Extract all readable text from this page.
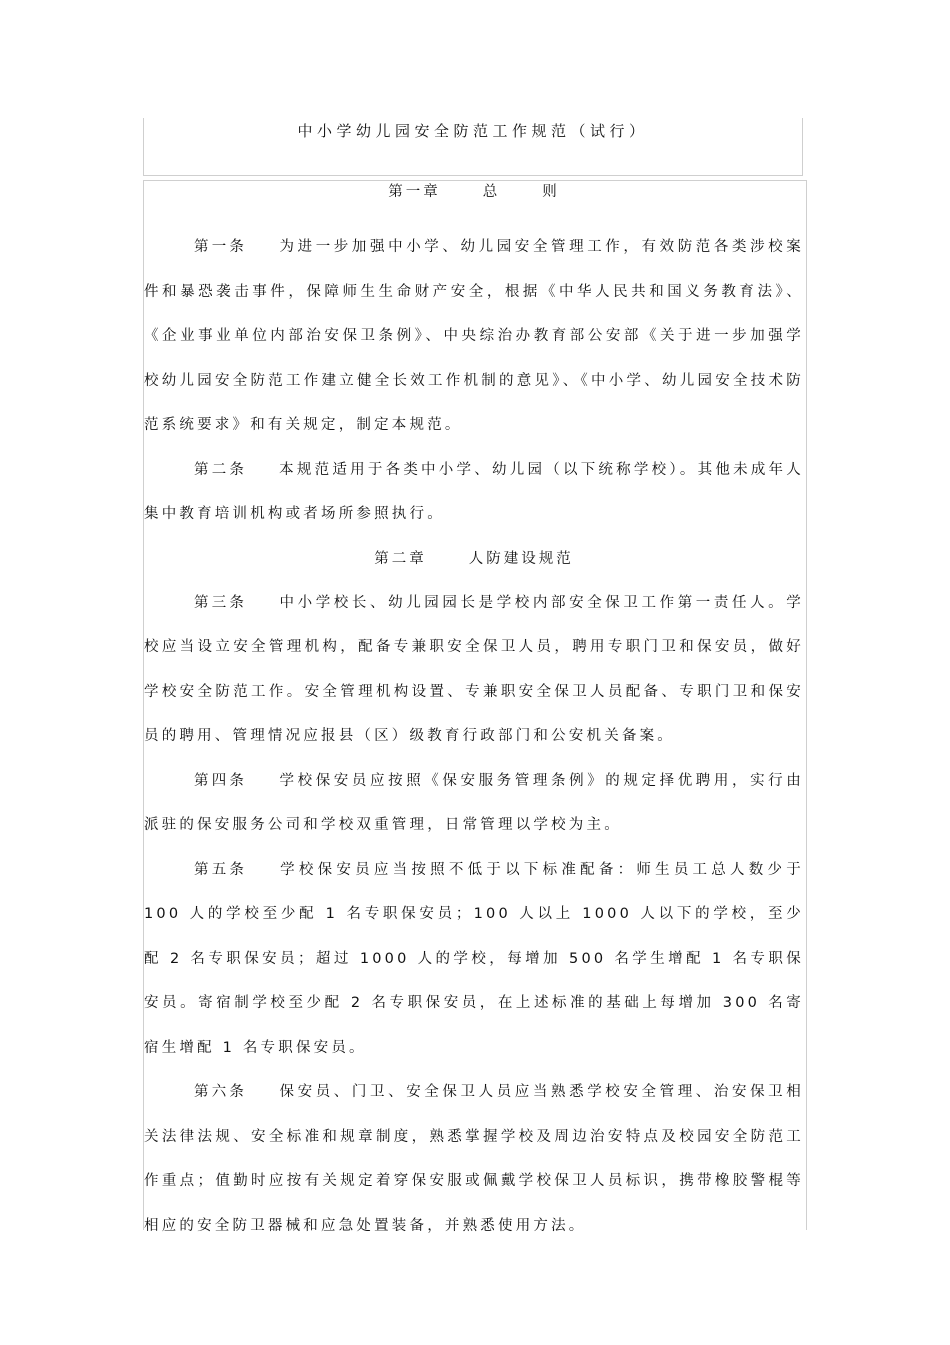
中小学幼儿园安全防范工作规范（试行）
第一章	总	则

第一条 为进一步加强中小学、幼儿园安全管理工作，有效防范各类涉校案件和暴恐袭击事件，保障师生生命财产安全，根据《中华人民共和国义务教育法》、《企业事业单位内部治安保卫条例》、中央综治办教育部公安部《关于进一步加强学校幼儿园安全防范工作建立健全长效工作机制的意见》、《中小学、幼儿园安全技术防范系统要求》和有关规定，制定本规范。

第二条 本规范适用于各类中小学、幼儿园（以下统称学校）。其他未成年人集中教育培训机构或者场所参照执行。

第二章	人防建设规范

第三条 中小学校长、幼儿园园长是学校内部安全保卫工作第一责任人。学校应当设立安全管理机构，配备专兼职安全保卫人员，聘用专职门卫和保安员，做好学校安全防范工作。安全管理机构设置、专兼职安全保卫人员配备、专职门卫和保安员的聘用、管理情况应报县（区）级教育行政部门和公安机关备案。

第四条 学校保安员应按照《保安服务管理条例》的规定择优聘用，实行由派驻的保安服务公司和学校双重管理，日常管理以学校为主。

第五条 学校保安员应当按照不低于以下标准配备：师生员工总人数少于 100 人的学校至少配 1 名专职保安员；100 人以上 1000 人以下的学校，至少配 2 名专职保安员；超过 1000 人的学校，每增加 500 名学生增配 1 名专职保安员。寄宿制学校至少配 2 名专职保安员，在上述标准的基础上每增加 300 名寄宿生增配 1 名专职保安员。

第六条 保安员、门卫、安全保卫人员应当熟悉学校安全管理、治安保卫相关法律法规、安全标准和规章制度，熟悉掌握学校及周边治安特点及校园安全防范工作重点；值勤时应按有关规定着穿保安服或佩戴学校保卫人员标识，携带橡胶警棍等相应的安全防卫器械和应急处置装备，并熟悉使用方法。
